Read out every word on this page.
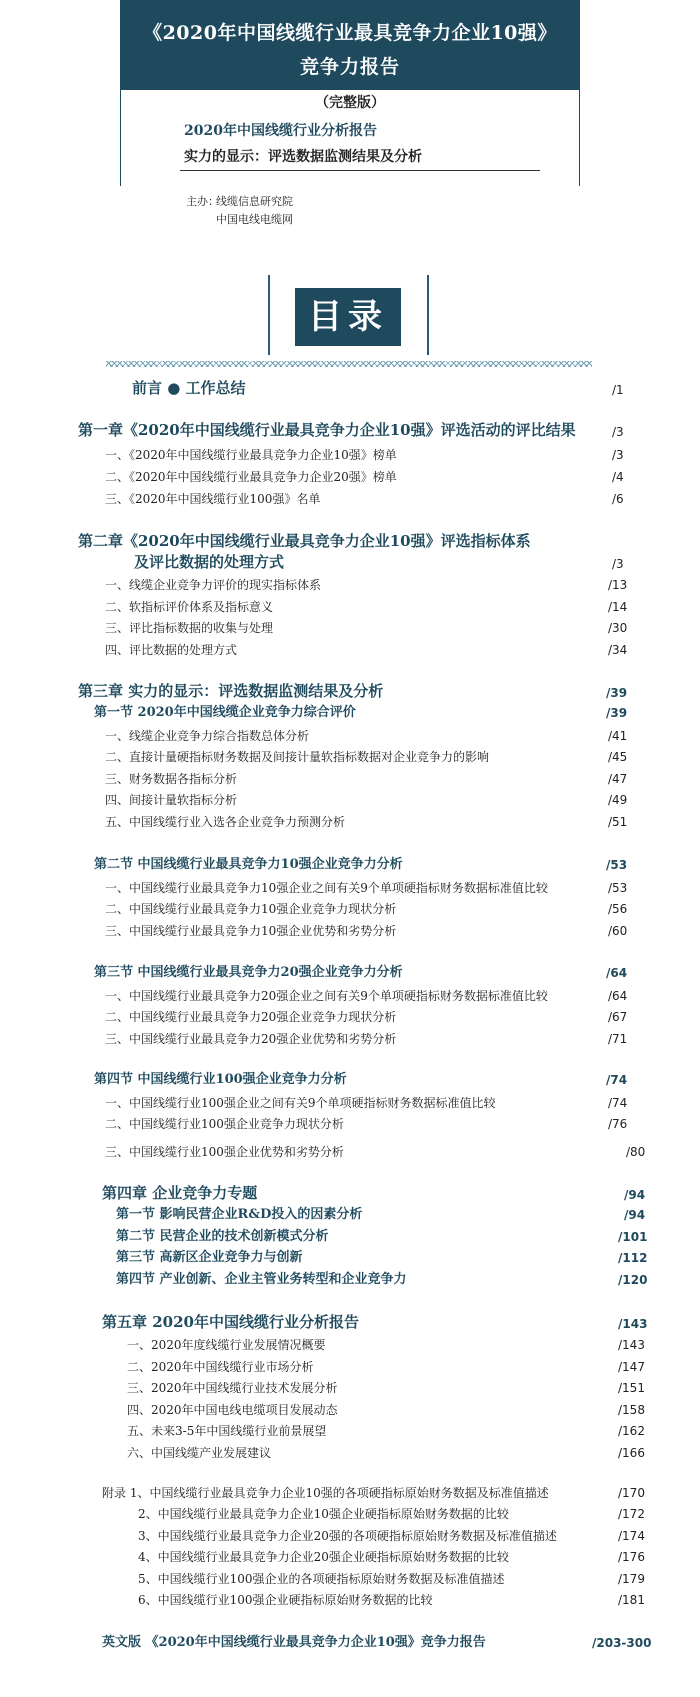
《2020年中国线缆行业最具竞争力企业10强》
竞争力报告
（完整版）
2020年中国线缆行业分析报告
实力的显示：评选数据监测结果及分析
主办：
线缆信息研究院
中国电线电缆网
目录
前言 ● 工作总结	/1
第一章《2020年中国线缆行业最具竞争力企业10强》评选活动的评比结果	/3
一、《2020年中国线缆行业最具竞争力企业10强》榜单	/3
二、《2020年中国线缆行业最具竞争力企业20强》榜单	/4
三、《2020年中国线缆行业100强》名单	/6
第二章《2020年中国线缆行业最具竞争力企业10强》评选指标体系
及评比数据的处理方式	/3
一、线缆企业竞争力评价的现实指标体系	/13
二、软指标评价体系及指标意义	/14
三、评比指标数据的收集与处理	/30
四、评比数据的处理方式	/34
第三章 实力的显示：评选数据监测结果及分析	/39
第一节 2020年中国线缆企业竞争力综合评价	/39
一、线缆企业竞争力综合指数总体分析	/41
二、直接计量硬指标财务数据及间接计量软指标数据对企业竞争力的影响	/45
三、财务数据各指标分析	/47
四、间接计量软指标分析	/49
五、中国线缆行业入选各企业竞争力预测分析	/51
第二节 中国线缆行业最具竞争力10强企业竞争力分析	/53
一、中国线缆行业最具竞争力10强企业之间有关9个单项硬指标财务数据标准值比较	/53
二、中国线缆行业最具竞争力10强企业竞争力现状分析	/56
三、中国线缆行业最具竞争力10强企业优势和劣势分析	/60
第三节 中国线缆行业最具竞争力20强企业竞争力分析	/64
一、中国线缆行业最具竞争力20强企业之间有关9个单项硬指标财务数据标准值比较	/64
二、中国线缆行业最具竞争力20强企业竞争力现状分析	/67
三、中国线缆行业最具竞争力20强企业优势和劣势分析	/71
第四节 中国线缆行业100强企业竞争力分析	/74
一、中国线缆行业100强企业之间有关9个单项硬指标财务数据标准值比较	/74
二、中国线缆行业100强企业竞争力现状分析	/76
三、中国线缆行业100强企业优势和劣势分析	/80
第四章 企业竞争力专题	/94
第一节 影响民营企业R&D投入的因素分析	/94
第二节 民营企业的技术创新模式分析	/101
第三节 高新区企业竞争力与创新	/112
第四节 产业创新、企业主管业务转型和企业竞争力	/120
第五章 2020年中国线缆行业分析报告	/143
一、2020年度线缆行业发展情况概要	/143
二、2020年中国线缆行业市场分析	/147
三、2020年中国线缆行业技术发展分析	/151
四、2020年中国电线电缆项目发展动态	/158
五、未来3-5年中国线缆行业前景展望	/162
六、中国线缆产业发展建议	/166
附录 1、中国线缆行业最具竞争力企业10强的各项硬指标原始财务数据及标准值描述	/170
2、中国线缆行业最具竞争力企业10强企业硬指标原始财务数据的比较	/172
3、中国线缆行业最具竞争力企业20强的各项硬指标原始财务数据及标准值描述	/174
4、中国线缆行业最具竞争力企业20强企业硬指标原始财务数据的比较	/176
5、中国线缆行业100强企业的各项硬指标原始财务数据及标准值描述	/179
6、中国线缆行业100强企业硬指标原始财务数据的比较	/181
英文版 《2020年中国线缆行业最具竞争力企业10强》竞争力报告	/203-300
